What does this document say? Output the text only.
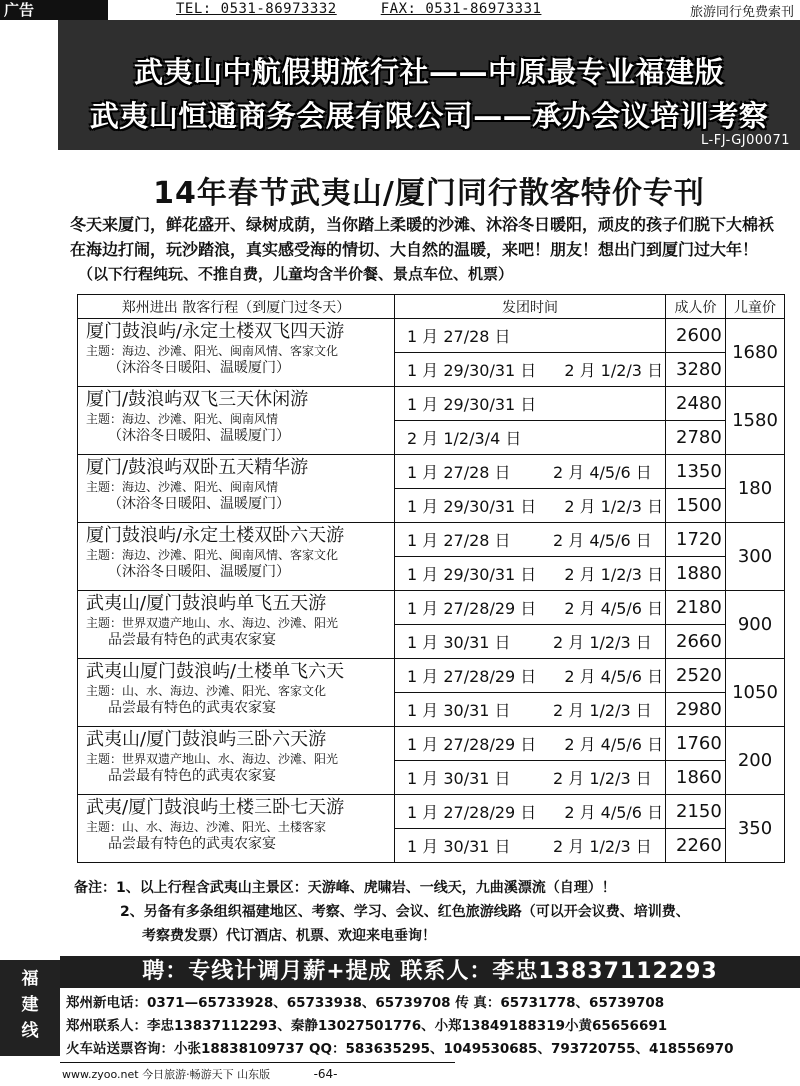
广告	TEL: 0531-86973332	FAX: 0531-86973331	旅游同行免费索刊
武夷山中航假期旅行社——中原最专业福建版
武夷山恒通商务会展有限公司——承办会议培训考察
L-FJ-GJ00071
14年春节武夷山/厦门同行散客特价专刊
冬天来厦门，鲜花盛开、绿树成荫，当你踏上柔暖的沙滩、沐浴冬日暖阳，顽皮的孩子们脱下大棉袄
在海边打闹，玩沙踏浪，真实感受海的情切、大自然的温暖，来吧！朋友！想出门到厦门过大年！
（以下行程纯玩、不推自费，儿童均含半价餐、景点车位、机票）
郑州进出 散客行程（到厦门过冬天）	发团时间	成人价	儿童价

厦门鼓浪屿/永定土楼双飞四天游
主题：海边、沙滩、阳光、闽南风情、客家文化
（沐浴冬日暖阳、温暖厦门）	1 月 27/28 日	2600	1680
	1 月 29/30/31 日 2 月 1/2/3 日	3280	

厦门/鼓浪屿双飞三天休闲游
主题：海边、沙滩、阳光、闽南风情
（沐浴冬日暖阳、温暖厦门）	1 月 29/30/31 日	2480	1580
	2 月 1/2/3/4 日	2780	

厦门/鼓浪屿双卧五天精华游
主题：海边、沙滩、阳光、闽南风情
（沐浴冬日暖阳、温暖厦门）	1 月 27/28 日 2 月 4/5/6 日	1350	180
	1 月 29/30/31 日 2 月 1/2/3 日	1500	

厦门鼓浪屿/永定土楼双卧六天游
主题：海边、沙滩、阳光、闽南风情、客家文化
（沐浴冬日暖阳、温暖厦门）	1 月 27/28 日 2 月 4/5/6 日	1720	300
	1 月 29/30/31 日 2 月 1/2/3 日	1880	

武夷山/厦门鼓浪屿单飞五天游
主题：世界双遗产地山、水、海边、沙滩、阳光
品尝最有特色的武夷农家宴	1 月 27/28/29 日 2 月 4/5/6 日	2180	900
	1 月 30/31 日 2 月 1/2/3 日	2660	

武夷山厦门鼓浪屿/土楼单飞六天
主题：山、水、海边、沙滩、阳光、客家文化
品尝最有特色的武夷农家宴	1 月 27/28/29 日 2 月 4/5/6 日	2520	1050
	1 月 30/31 日 2 月 1/2/3 日	2980	

武夷山/厦门鼓浪屿三卧六天游
主题：世界双遗产地山、水、海边、沙滩、阳光
品尝最有特色的武夷农家宴	1 月 27/28/29 日 2 月 4/5/6 日	1760	200
	1 月 30/31 日 2 月 1/2/3 日	1860	

武夷/厦门鼓浪屿土楼三卧七天游
主题：山、水、海边、沙滩、阳光、土楼客家
品尝最有特色的武夷农家宴	1 月 27/28/29 日 2 月 4/5/6 日	2150	350
	1 月 30/31 日 2 月 1/2/3 日	2260	
备注：1、以上行程含武夷山主景区：天游峰、虎啸岩、一线天，九曲溪漂流（自理）！
2、另备有多条组织福建地区、考察、学习、会议、红色旅游线路（可以开会议费、培训费、
考察费发票）代订酒店、机票、欢迎来电垂询！
福
建
线
聘：专线计调月薪+提成 联系人：李忠13837112293
郑州新电话：0371—65733928、65733938、65739708 传 真：65731778、65739708
郑州联系人：李忠13837112293、秦静13027501776、小郑13849188319小黄65656691
火车站送票咨询：小张18838109737 QQ：583635295、1049530685、793720755、418556970
www.zyoo.net 今日旅游·畅游天下 山东版	-64-
